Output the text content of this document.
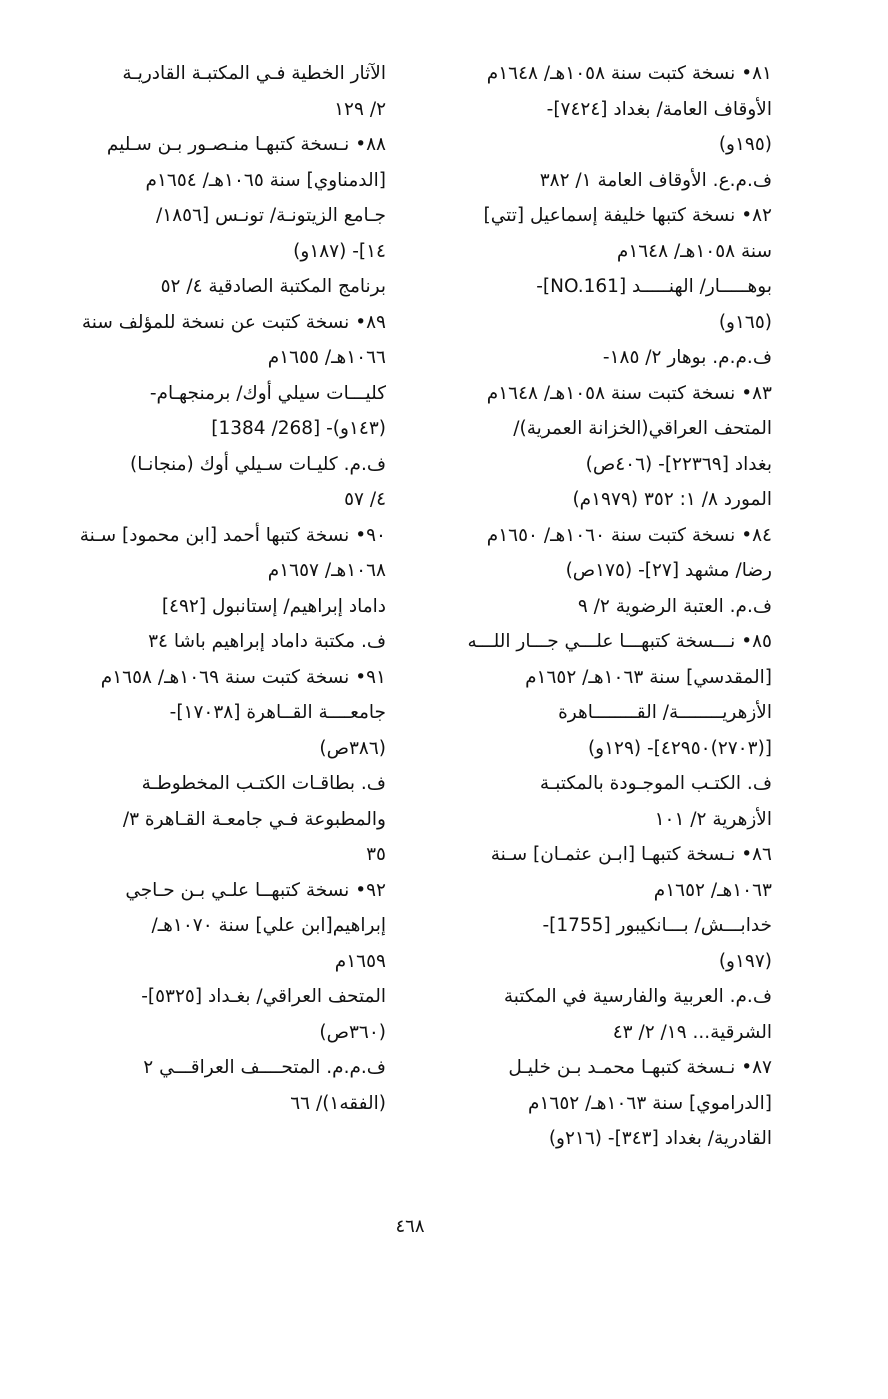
٨١• نسخة كتبت سنة ١٠٥٨هـ/ ١٦٤٨م
الأوقاف العامة/ بغداد [٧٤٢٤]-
(١٩٥و)
ف.م.ع. الأوقاف العامة ١/ ٣٨٢
٨٢• نسخة كتبها خليفة إسماعيل [تتي]
سنة ١٠٥٨هـ/ ١٦٤٨م
بوهـــــار/ الهنـــــد [NO.161]-
(١٦٥و)
ف.م.م. بوهار ٢/ ١٨٥-
٨٣• نسخة كتبت سنة ١٠٥٨هـ/ ١٦٤٨م
المتحف العراقي(الخزانة العمرية)/
بغداد [٢٢٣٦٩]- (٤٠٦ص)
المورد ٨/ ١: ٣٥٢ (١٩٧٩م)
٨٤• نسخة كتبت سنة ١٠٦٠هـ/ ١٦٥٠م
رضا/ مشهد [٢٧]- (١٧٥ص)
ف.م. العتبة الرضوية ٢/ ٩
٨٥• نـــسخة كتبهـــا علـــي جـــار اللـــه
[المقدسي] سنة ١٠٦٣هـ/ ١٦٥٢م
الأزهريــــــــة/ القــــــــاهرة
[(٢٧٠٣)٤٢٩٥٠]- (١٢٩و)
ف. الكتـب الموجـودة بالمكتبـة
الأزهرية ٢/ ١٠١
٨٦• نـسخة كتبهـا [ابـن عثمـان] سـنة
١٠٦٣هـ/ ١٦٥٢م
خدابـــش/ بـــانكيبور [1755]-
(١٩٧و)
ف.م. العربية والفارسية في المكتبة
الشرقية... ١٩/ ٢/ ٤٣
٨٧• نـسخة كتبهـا محمـد بـن خليـل
[الدراموي] سنة ١٠٦٣هـ/ ١٦٥٢م
القادرية/ بغداد [٣٤٣]- (٢١٦و)
الآثار الخطية فـي المكتبـة القادريـة
٢/ ١٢٩
٨٨• نـسخة كتبهـا منـصـور بـن سـليم
[الدمناوي] سنة ١٠٦٥هـ/ ١٦٥٤م
جـامع الزيتونـة/ تونـس [١٨٥٦/
١٤]- (١٨٧و)
برنامج المكتبة الصادقية ٤/ ٥٢
٨٩• نسخة كتبت عن نسخة للمؤلف سنة
١٠٦٦هـ/ ١٦٥٥م
كليـــات سيلي أوك/ برمنجهـام-
(١٤٣و)- [268/ 1384]
ف.م. كليـات سـيلي أوك (منجانـا)
٤/ ٥٧
٩٠• نسخة كتبها أحمد [ابن محمود] سـنة
١٠٦٨هـ/ ١٦٥٧م
داماد إبراهيم/ إستانبول [٤٩٢]
ف. مكتبة داماد إبراهيم باشا ٣٤
٩١• نسخة كتبت سنة ١٠٦٩هـ/ ١٦٥٨م
جامعــــة القــاهرة [١٧٠٣٨]-
(٣٨٦ص)
ف. بطاقـات الكتـب المخطوطـة
والمطبوعة فـي جامعـة القـاهرة ٣/
٣٥
٩٢• نسخة كتبهــا علـي بـن حـاجي
إبراهيم[ابن علي] سنة ١٠٧٠هـ/
١٦٥٩م
المتحف العراقي/ بغـداد [٥٣٢٥]-
(٣٦٠ص)
ف.م.م. المتحــــف العراقـــي ٢
(الفقه١)/ ٦٦
٤٦٨
